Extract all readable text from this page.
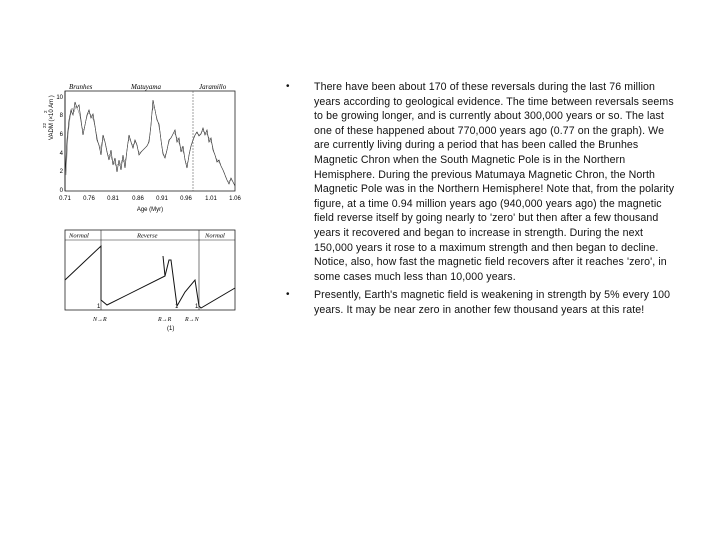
Brunhes	Matuyama	Jaramillo
VADM (×10 Am )
22
2
10
8
6
4
2
0
0.71 0.76 0.81 0.86 0.91 0.96 1.01 1.06
Age (Myr)
Normal	Reverse	Normal
1	1	1
N→R	R→R R→N
(1)
• There have been about 170 of these reversals during the last 76 million years according to geological evidence. The time between reversals seems to be growing longer, and is currently about 300,000 years or so. The last one of these happened about 770,000 years ago (0.77 on the graph). We are currently living during a period that has been called the Brunhes Magnetic Chron when the South Magnetic Pole is in the Northern Hemisphere. During the previous Matumaya Magnetic Chron, the North Magnetic Pole was in the Northern Hemisphere! Note that, from the polarity figure, at a time 0.94 million years ago (940,000 years ago) the magnetic field reverse itself by going nearly to 'zero' but then after a few thousand years it recovered and began to increase in strength. During the next 150,000 years it rose to a maximum strength and then began to decline. Notice, also, how fast the magnetic field recovers after it reaches 'zero', in some cases much less than 10,000 years.
• Presently, Earth's magnetic field is weakening in strength by 5% every 100 years. It may be near zero in another few thousand years at this rate!
